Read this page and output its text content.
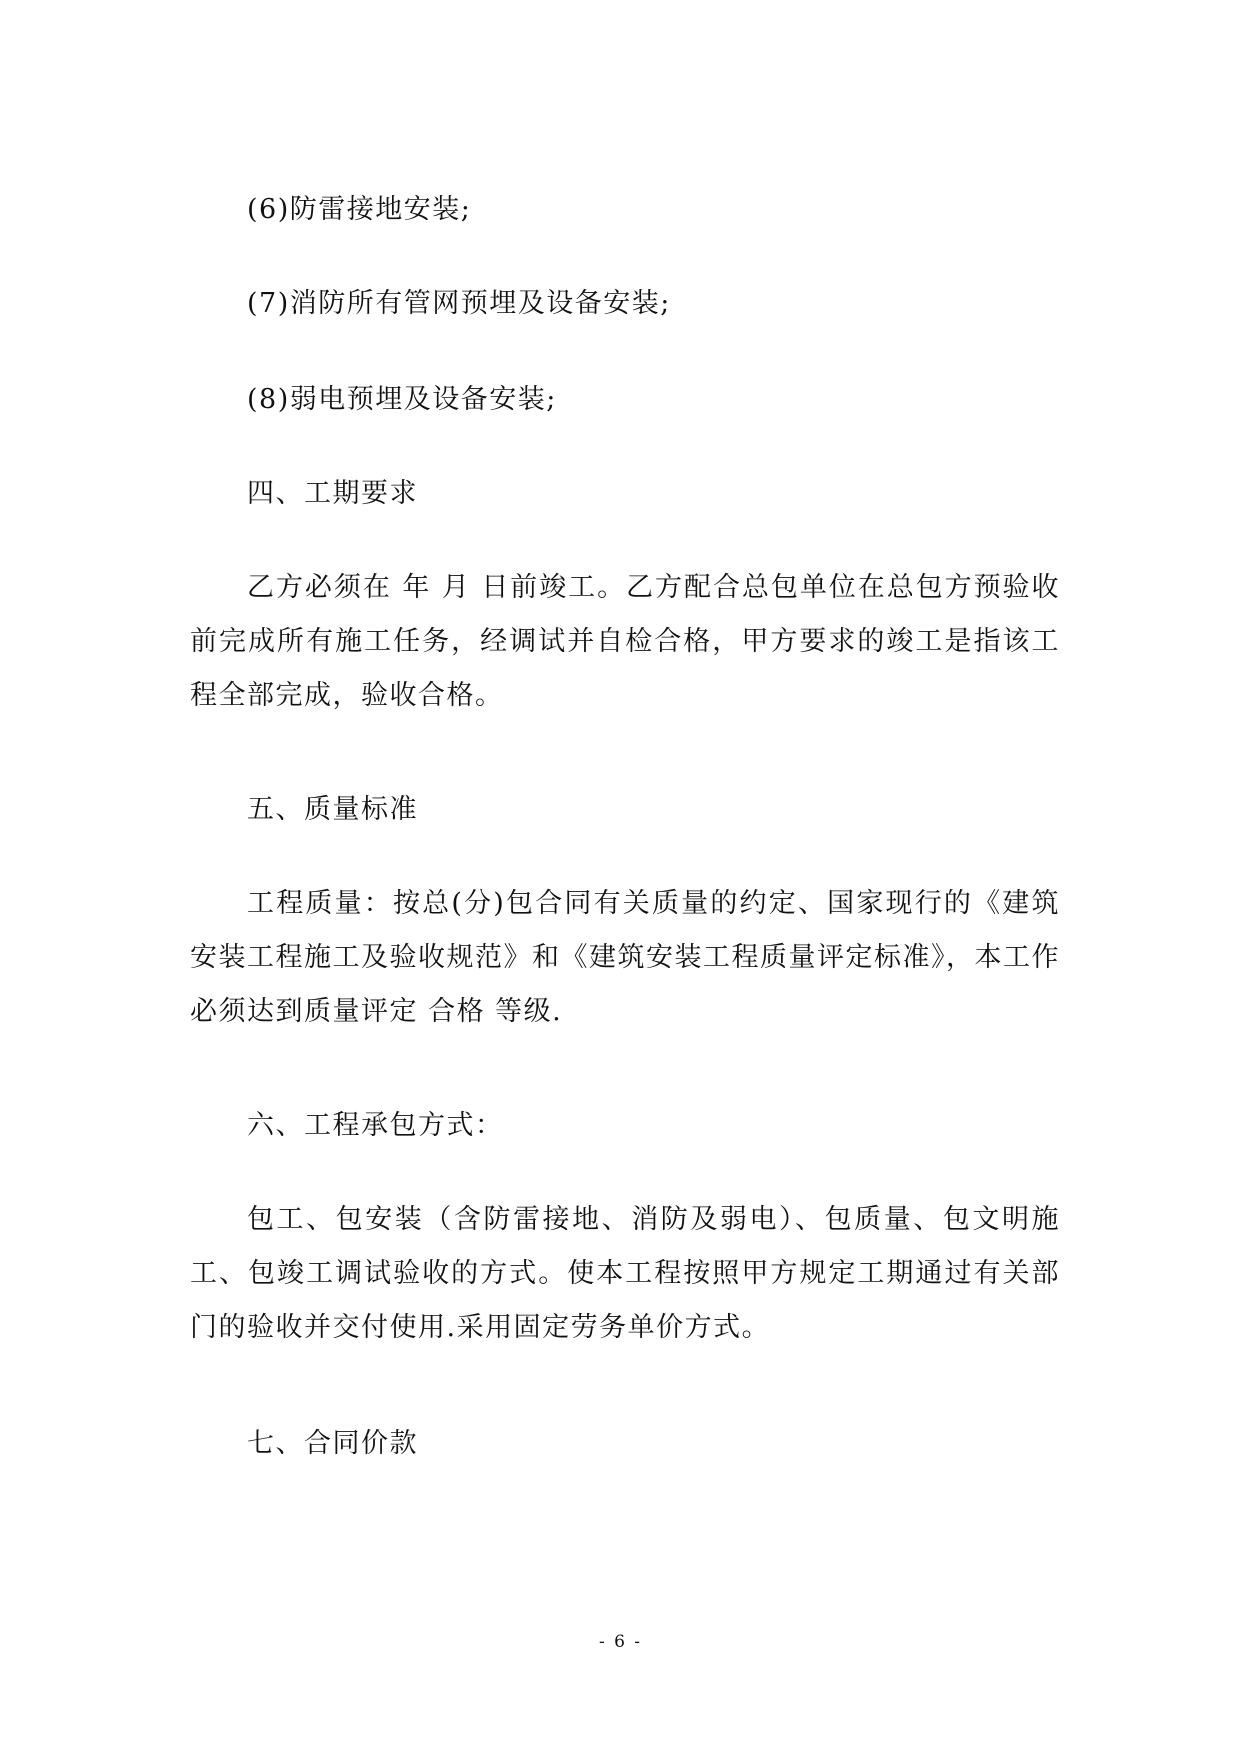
(6)防雷接地安装;

(7)消防所有管网预埋及设备安装;

(8)弱电预埋及设备安装;

四、工期要求

乙方必须在 年 月 日前竣工。乙方配合总包单位在总包方预验收前完成所有施工任务，经调试并自检合格，甲方要求的竣工是指该工程全部完成，验收合格。

五、质量标准

工程质量：按总(分)包合同有关质量的约定、国家现行的《建筑安装工程施工及验收规范》和《建筑安装工程质量评定标准》，本工作必须达到质量评定 合格 等级.

六、工程承包方式：

包工、包安装（含防雷接地、消防及弱电）、包质量、包文明施工、包竣工调试验收的方式。使本工程按照甲方规定工期通过有关部门的验收并交付使用.采用固定劳务单价方式。

七、合同价款

- 6 -
